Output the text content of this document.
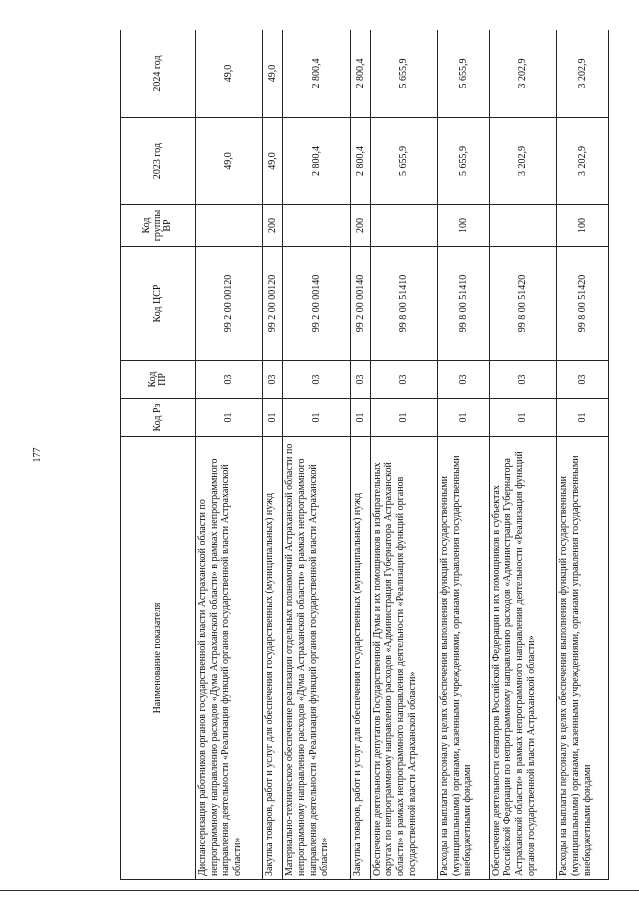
177
Наименование показателя	Код Рз	Код ПР	Код ЦСР	Код группы ВР	2023 год	2024 год
Диспансеризация работников органов государственной власти Астраханской области по непрограммному направлению расходов «Дума Астраханской области» в рамках непрограммного направления деятельности «Реализация функций органов государственной власти Астраханской области»	01	03	99 2 00 00120		49,0	49,0
Закупка товаров, работ и услуг для обеспечения государственных (муниципальных) нужд	01	03	99 2 00 00120	200	49,0	49,0
Материально-техническое обеспечение реализации отдельных полномочий Астраханской области по непрограммному направлению расходов «Дума Астраханской области» в рамках непрограммного направления деятельности «Реализация функций органов государственной власти Астраханской области»	01	03	99 2 00 00140		2 800,4	2 800,4
Закупка товаров, работ и услуг для обеспечения государственных (муниципальных) нужд	01	03	99 2 00 00140	200	2 800,4	2 800,4
Обеспечение деятельности депутатов Государственной Думы и их помощников в избирательных округах по непрограммному направлению расходов «Администрация Губернатора Астраханской области» в рамках непрограммного направления деятельности «Реализация функций органов государственной власти Астраханской области»	01	03	99 8 00 51410		5 655,9	5 655,9
Расходы на выплаты персоналу в целях обеспечения выполнения функций государственными (муниципальными) органами, казенными учреждениями, органами управления государственными внебюджетными фондами	01	03	99 8 00 51410	100	5 655,9	5 655,9
Обеспечение деятельности сенаторов Российской Федерации и их помощников в субъектах Российской Федерации по непрограммному направлению расходов «Администрация Губернатора Астраханской области» в рамках непрограммного направления деятельности «Реализация функций органов государственной власти Астраханской области»	01	03	99 8 00 51420		3 202,9	3 202,9
Расходы на выплаты персоналу в целях обеспечения выполнения функций государственными (муниципальными) органами, казенными учреждениями, органами управления государственными внебюджетными фондами	01	03	99 8 00 51420	100	3 202,9	3 202,9
